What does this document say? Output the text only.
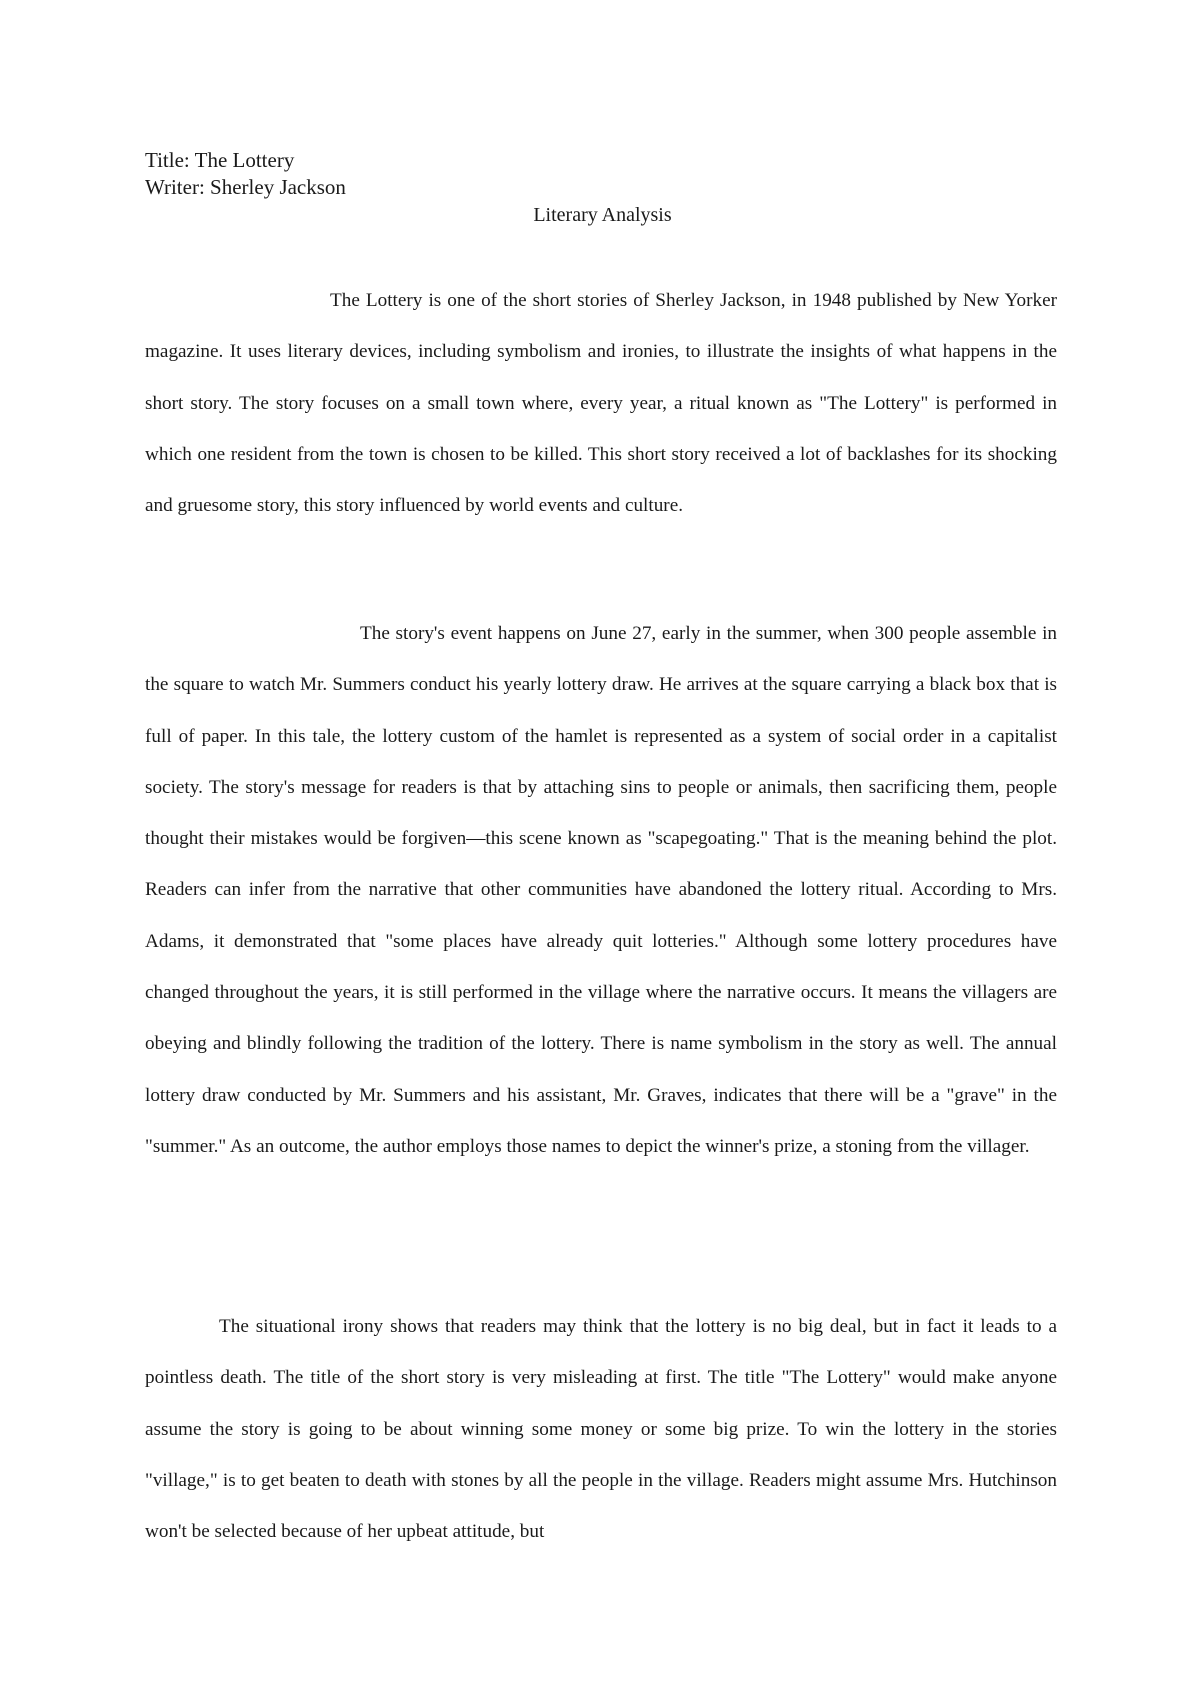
Title: The Lottery
Writer: Sherley Jackson
Literary Analysis

The Lottery is one of the short stories of Sherley Jackson, in 1948 published by New Yorker magazine. It uses literary devices, including symbolism and ironies, to illustrate the insights of what happens in the short story. The story focuses on a small town where, every year, a ritual known as "The Lottery" is performed in which one resident from the town is chosen to be killed. This short story received a lot of backlashes for its shocking and gruesome story, this story influenced by world events and culture.

The story's event happens on June 27, early in the summer, when 300 people assemble in the square to watch Mr. Summers conduct his yearly lottery draw. He arrives at the square carrying a black box that is full of paper. In this tale, the lottery custom of the hamlet is represented as a system of social order in a capitalist society. The story's message for readers is that by attaching sins to people or animals, then sacrificing them, people thought their mistakes would be forgiven—this scene known as "scapegoating." That is the meaning behind the plot. Readers can infer from the narrative that other communities have abandoned the lottery ritual. According to Mrs. Adams, it demonstrated that "some places have already quit lotteries." Although some lottery procedures have changed throughout the years, it is still performed in the village where the narrative occurs. It means the villagers are obeying and blindly following the tradition of the lottery. There is name symbolism in the story as well. The annual lottery draw conducted by Mr. Summers and his assistant, Mr. Graves, indicates that there will be a "grave" in the "summer." As an outcome, the author employs those names to depict the winner's prize, a stoning from the villager.

The situational irony shows that readers may think that the lottery is no big deal, but in fact it leads to a pointless death. The title of the short story is very misleading at first. The title "The Lottery" would make anyone assume the story is going to be about winning some money or some big prize. To win the lottery in the stories "village," is to get beaten to death with stones by all the people in the village. Readers might assume Mrs. Hutchinson won't be selected because of her upbeat attitude, but
